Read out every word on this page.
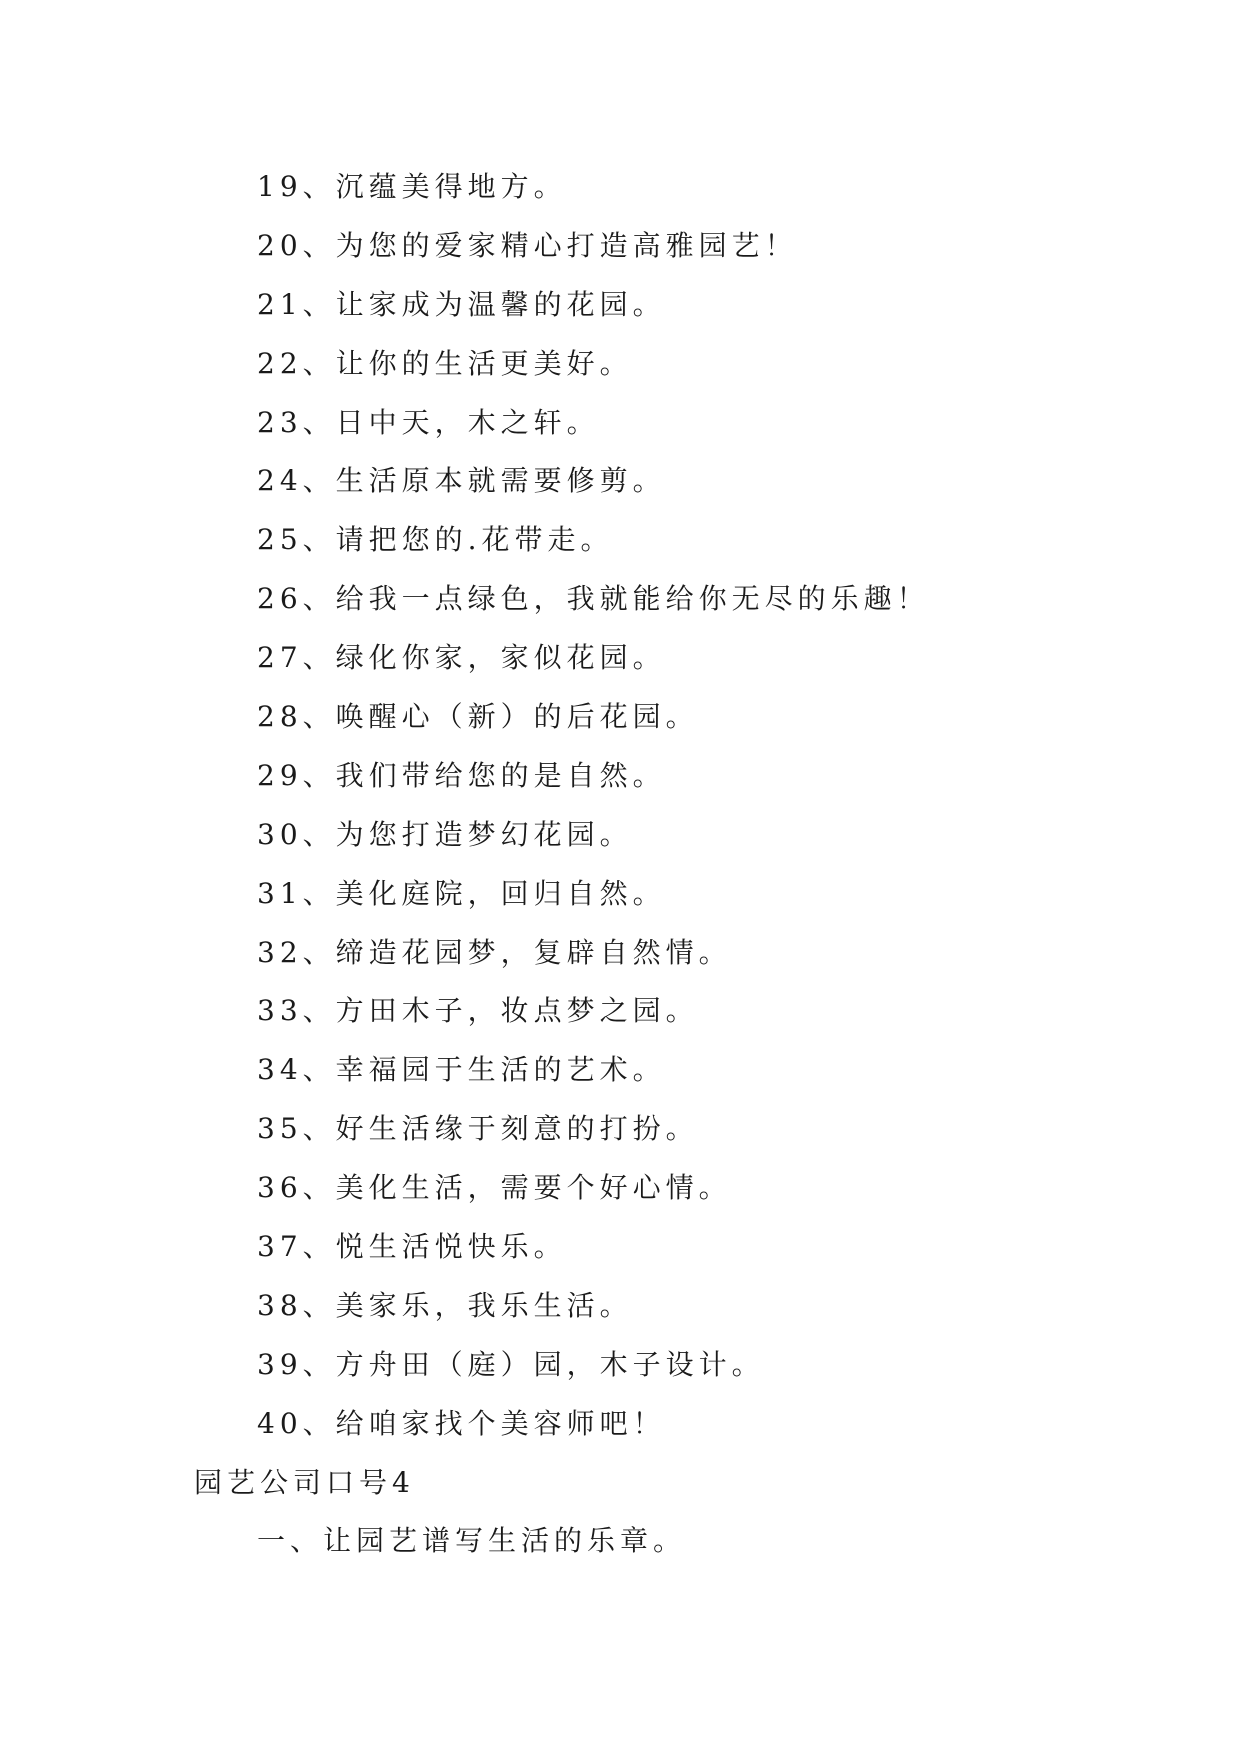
19、沉蕴美得地方。
20、为您的爱家精心打造高雅园艺！
21、让家成为温馨的花园。
22、让你的生活更美好。
23、日中天，木之轩。
24、生活原本就需要修剪。
25、请把您的.花带走。
26、给我一点绿色，我就能给你无尽的乐趣！
27、绿化你家，家似花园。
28、唤醒心（新）的后花园。
29、我们带给您的是自然。
30、为您打造梦幻花园。
31、美化庭院，回归自然。
32、缔造花园梦，复辟自然情。
33、方田木子，妆点梦之园。
34、幸福园于生活的艺术。
35、好生活缘于刻意的打扮。
36、美化生活，需要个好心情。
37、悦生活悦快乐。
38、美家乐，我乐生活。
39、方舟田（庭）园，木子设计。
40、给咱家找个美容师吧！
园艺公司口号4
一、让园艺谱写生活的乐章。
